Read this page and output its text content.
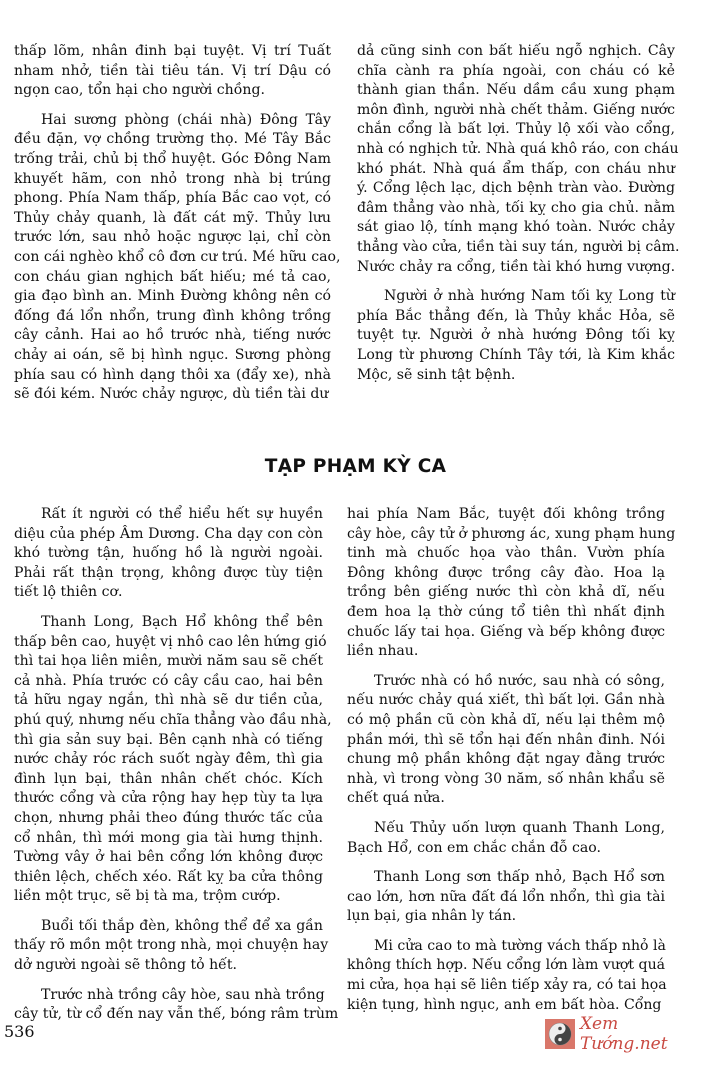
thấp lõm, nhân đinh bại tuyệt. Vị trí Tuất
nham nhở, tiền tài tiêu tán. Vị trí Dậu có
ngọn cao, tổn hại cho người chồng.

Hai sương phòng (chái nhà) Đông Tây
đều đặn, vợ chồng trường thọ. Mé Tây Bắc
trống trải, chủ bị thổ huyệt. Góc Đông Nam
khuyết hãm, con nhỏ trong nhà bị trúng
phong. Phía Nam thấp, phía Bắc cao vọt, có
Thủy chảy quanh, là đất cát mỹ. Thủy lưu
trước lớn, sau nhỏ hoặc ngược lại, chỉ còn
con cái nghèo khổ cô đơn cư trú. Mé hữu cao,
con cháu gian nghịch bất hiếu; mé tả cao,
gia đạo bình an. Minh Đường không nên có
đống đá lổn nhổn, trung đình không trồng
cây cảnh. Hai ao hồ trước nhà, tiếng nước
chảy ai oán, sẽ bị hình ngục. Sương phòng
phía sau có hình dạng thôi xa (đẩy xe), nhà
sẽ đói kém. Nước chảy ngược, dù tiền tài dư

dả cũng sinh con bất hiếu ngỗ nghịch. Cây
chĩa cành ra phía ngoài, con cháu có kẻ
thành gian thần. Nếu dầm cầu xung phạm
môn đình, người nhà chết thảm. Giếng nước
chắn cổng là bất lợi. Thủy lộ xối vào cổng,
nhà có nghịch tử. Nhà quá khô ráo, con cháu
khó phát. Nhà quá ẩm thấp, con cháu như
ý. Cổng lệch lạc, dịch bệnh tràn vào. Đường
đâm thẳng vào nhà, tối kỵ cho gia chủ. nằm
sát giao lộ, tính mạng khó toàn. Nước chảy
thẳng vào cửa, tiền tài suy tán, người bị câm.
Nước chảy ra cổng, tiền tài khó hưng vượng.

Người ở nhà hướng Nam tối kỵ Long từ
phía Bắc thẳng đến, là Thủy khắc Hỏa, sẽ
tuyệt tự. Người ở nhà hướng Đông tối kỵ
Long từ phương Chính Tây tới, là Kim khắc
Mộc, sẽ sinh tật bệnh.

TẠP PHẠM KỲ CA

Rất ít người có thể hiểu hết sự huyền
diệu của phép Âm Dương. Cha dạy con còn
khó tường tận, huống hồ là người ngoài.
Phải rất thận trọng, không được tùy tiện
tiết lộ thiên cơ.

Thanh Long, Bạch Hổ không thể bên
thấp bên cao, huyệt vị nhô cao lên hứng gió
thì tai họa liên miên, mười năm sau sẽ chết
cả nhà. Phía trước có cây cầu cao, hai bên
tả hữu ngay ngắn, thì nhà sẽ dư tiền của,
phú quý, nhưng nếu chĩa thẳng vào đầu nhà,
thì gia sản suy bại. Bên cạnh nhà có tiếng
nước chảy róc rách suốt ngày đêm, thì gia
đình lụn bại, thân nhân chết chóc. Kích
thước cổng và cửa rộng hay hẹp tùy ta lựa
chọn, nhưng phải theo đúng thước tấc của
cổ nhân, thì mới mong gia tài hưng thịnh.
Tường vây ở hai bên cổng lớn không được
thiên lệch, chếch xéo. Rất kỵ ba cửa thông
liền một trục, sẽ bị tà ma, trộm cướp.

Buổi tối thắp đèn, không thể để xa gần
thấy rõ mồn một trong nhà, mọi chuyện hay
dở người ngoài sẽ thông tỏ hết.

Trước nhà trồng cây hòe, sau nhà trồng
cây tử, từ cổ đến nay vẫn thế, bóng râm trùm

hai phía Nam Bắc, tuyệt đối không trồng
cây hòe, cây tử ở phương ác, xung phạm hung
tinh mà chuốc họa vào thân. Vườn phía
Đông không được trồng cây đào. Hoa lạ
trồng bên giếng nước thì còn khả dĩ, nếu
đem hoa lạ thờ cúng tổ tiên thì nhất định
chuốc lấy tai họa. Giếng và bếp không được
liền nhau.

Trước nhà có hồ nước, sau nhà có sông,
nếu nước chảy quá xiết, thì bất lợi. Gần nhà
có mộ phần cũ còn khả dĩ, nếu lại thêm mộ
phần mới, thì sẽ tổn hại đến nhân đinh. Nói
chung mộ phần không đặt ngay đằng trước
nhà, vì trong vòng 30 năm, số nhân khẩu sẽ
chết quá nửa.

Nếu Thủy uốn lượn quanh Thanh Long,
Bạch Hổ, con em chắc chắn đỗ cao.

Thanh Long sơn thấp nhỏ, Bạch Hổ sơn
cao lớn, hơn nữa đất đá lổn nhổn, thì gia tài
lụn bại, gia nhân ly tán.

Mi cửa cao to mà tường vách thấp nhỏ là
không thích hợp. Nếu cổng lớn làm vượt quá
mi cửa, họa hại sẽ liên tiếp xảy ra, có tai họa
kiện tụng, hình ngục, anh em bất hòa. Cổng

536	Xem Tướng.net
